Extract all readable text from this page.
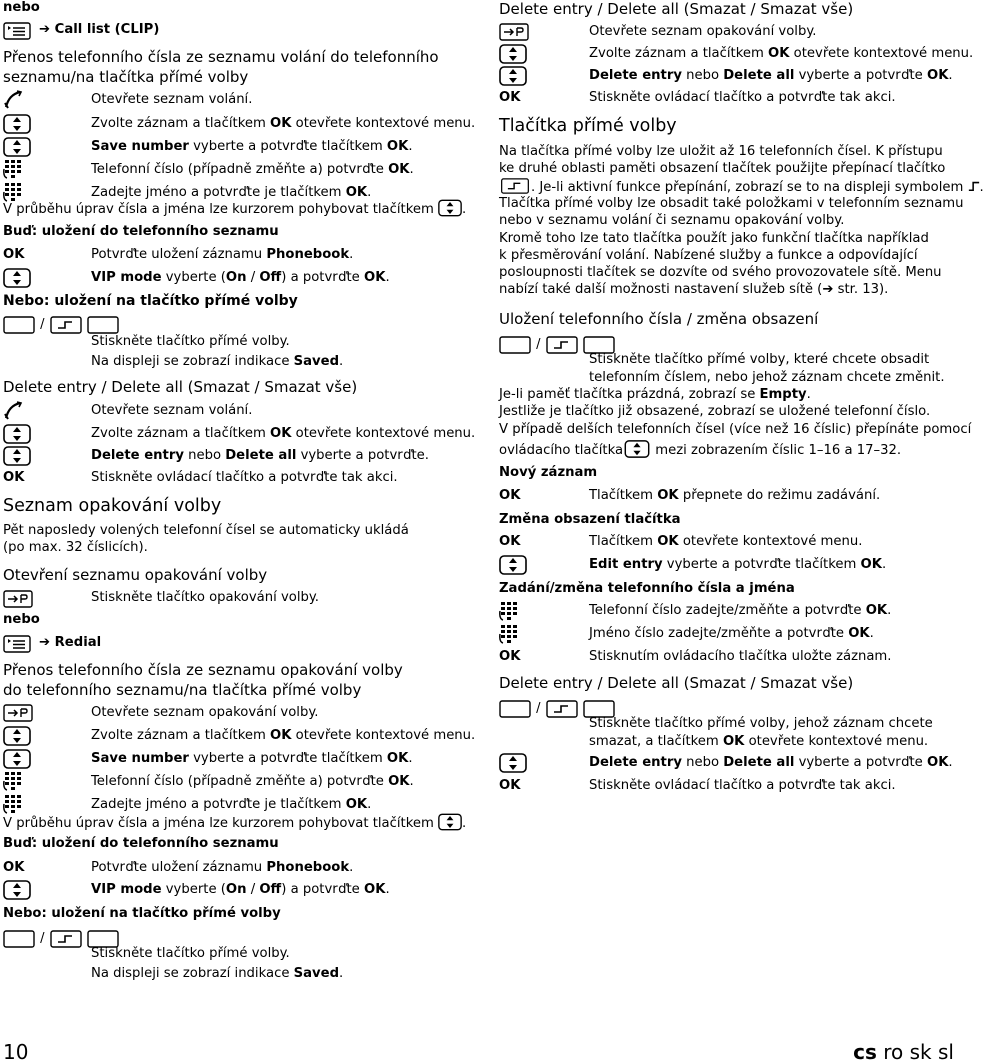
nebo
➔ Call list (CLIP)
Přenos telefonního čísla ze seznamu volání do telefonního
seznamu/na tlačítka přímé volby
Otevřete seznam volání.
Zvolte záznam a tlačítkem OK otevřete kontextové menu.
Save number vyberte a potvrďte tlačítkem OK.
Telefonní číslo (případně změňte a) potvrďte OK.
Zadejte jméno a potvrďte je tlačítkem OK.
V průběhu úprav čísla a jména lze kurzorem pohybovat tlačítkem .
Buď: uložení do telefonního seznamu
OK	Potvrďte uložení záznamu Phonebook.
VIP mode vyberte (On / Off) a potvrďte OK.
Nebo: uložení na tlačítko přímé volby
/
Stiskněte tlačítko přímé volby.
Na displeji se zobrazí indikace Saved.
Delete entry / Delete all (Smazat / Smazat vše)
Otevřete seznam volání.
Zvolte záznam a tlačítkem OK otevřete kontextové menu.
Delete entry nebo Delete all vyberte a potvrďte.
OK	Stiskněte ovládací tlačítko a potvrďte tak akci.
Seznam opakování volby
Pět naposledy volených telefonní čísel se automaticky ukládá
(po max. 32 číslicích).
Otevření seznamu opakování volby
Stiskněte tlačítko opakování volby.
nebo
➔ Redial
Přenos telefonního čísla ze seznamu opakování volby
do telefonního seznamu/na tlačítka přímé volby
Otevřete seznam opakování volby.
Zvolte záznam a tlačítkem OK otevřete kontextové menu.
Save number vyberte a potvrďte tlačítkem OK.
Telefonní číslo (případně změňte a) potvrďte OK.
Zadejte jméno a potvrďte je tlačítkem OK.
V průběhu úprav čísla a jména lze kurzorem pohybovat tlačítkem .
Buď: uložení do telefonního seznamu
OK	Potvrďte uložení záznamu Phonebook.
VIP mode vyberte (On / Off) a potvrďte OK.
Nebo: uložení na tlačítko přímé volby
/
Stiskněte tlačítko přímé volby.
Na displeji se zobrazí indikace Saved.
Delete entry / Delete all (Smazat / Smazat vše)
Otevřete seznam opakování volby.
Zvolte záznam a tlačítkem OK otevřete kontextové menu.
Delete entry nebo Delete all vyberte a potvrďte OK.
OK	Stiskněte ovládací tlačítko a potvrďte tak akci.
Tlačítka přímé volby
Na tlačítka přímé volby lze uložit až 16 telefonních čísel. K přístupu
ke druhé oblasti paměti obsazení tlačítek použijte přepínací tlačítko
. Je-li aktivní funkce přepínání, zobrazí se to na displeji symbolem .
Tlačítka přímé volby lze obsadit také položkami v telefonním seznamu
nebo v seznamu volání či seznamu opakování volby.
Kromě toho lze tato tlačítka použít jako funkční tlačítka například
k přesměrování volání. Nabízené služby a funkce a odpovídající
posloupnosti tlačítek se dozvíte od svého provozovatele sítě. Menu
nabízí také další možnosti nastavení služeb sítě (➔ str. 13).
Uložení telefonního čísla / změna obsazení
/
Stiskněte tlačítko přímé volby, které chcete obsadit
telefonním číslem, nebo jehož záznam chcete změnit.
Je-li paměť tlačítka prázdná, zobrazí se Empty.
Jestliže je tlačítko již obsazené, zobrazí se uložené telefonní číslo.
V případě delších telefonních čísel (více než 16 číslic) přepínáte pomocí
ovládacího tlačítka mezi zobrazením číslic 1–16 a 17–32.
Nový záznam
OK	Tlačítkem OK přepnete do režimu zadávání.
Změna obsazení tlačítka
OK	Tlačítkem OK otevřete kontextové menu.
Edit entry vyberte a potvrďte tlačítkem OK.
Zadání/změna telefonního čísla a jména
Telefonní číslo zadejte/změňte a potvrďte OK.
Jméno číslo zadejte/změňte a potvrďte OK.
OK	Stisknutím ovládacího tlačítka uložte záznam.
Delete entry / Delete all (Smazat / Smazat vše)
/
Stiskněte tlačítko přímé volby, jehož záznam chcete
smazat, a tlačítkem OK otevřete kontextové menu.
Delete entry nebo Delete all vyberte a potvrďte OK.
OK	Stiskněte ovládací tlačítko a potvrďte tak akci.
10	cs ro sk sl
